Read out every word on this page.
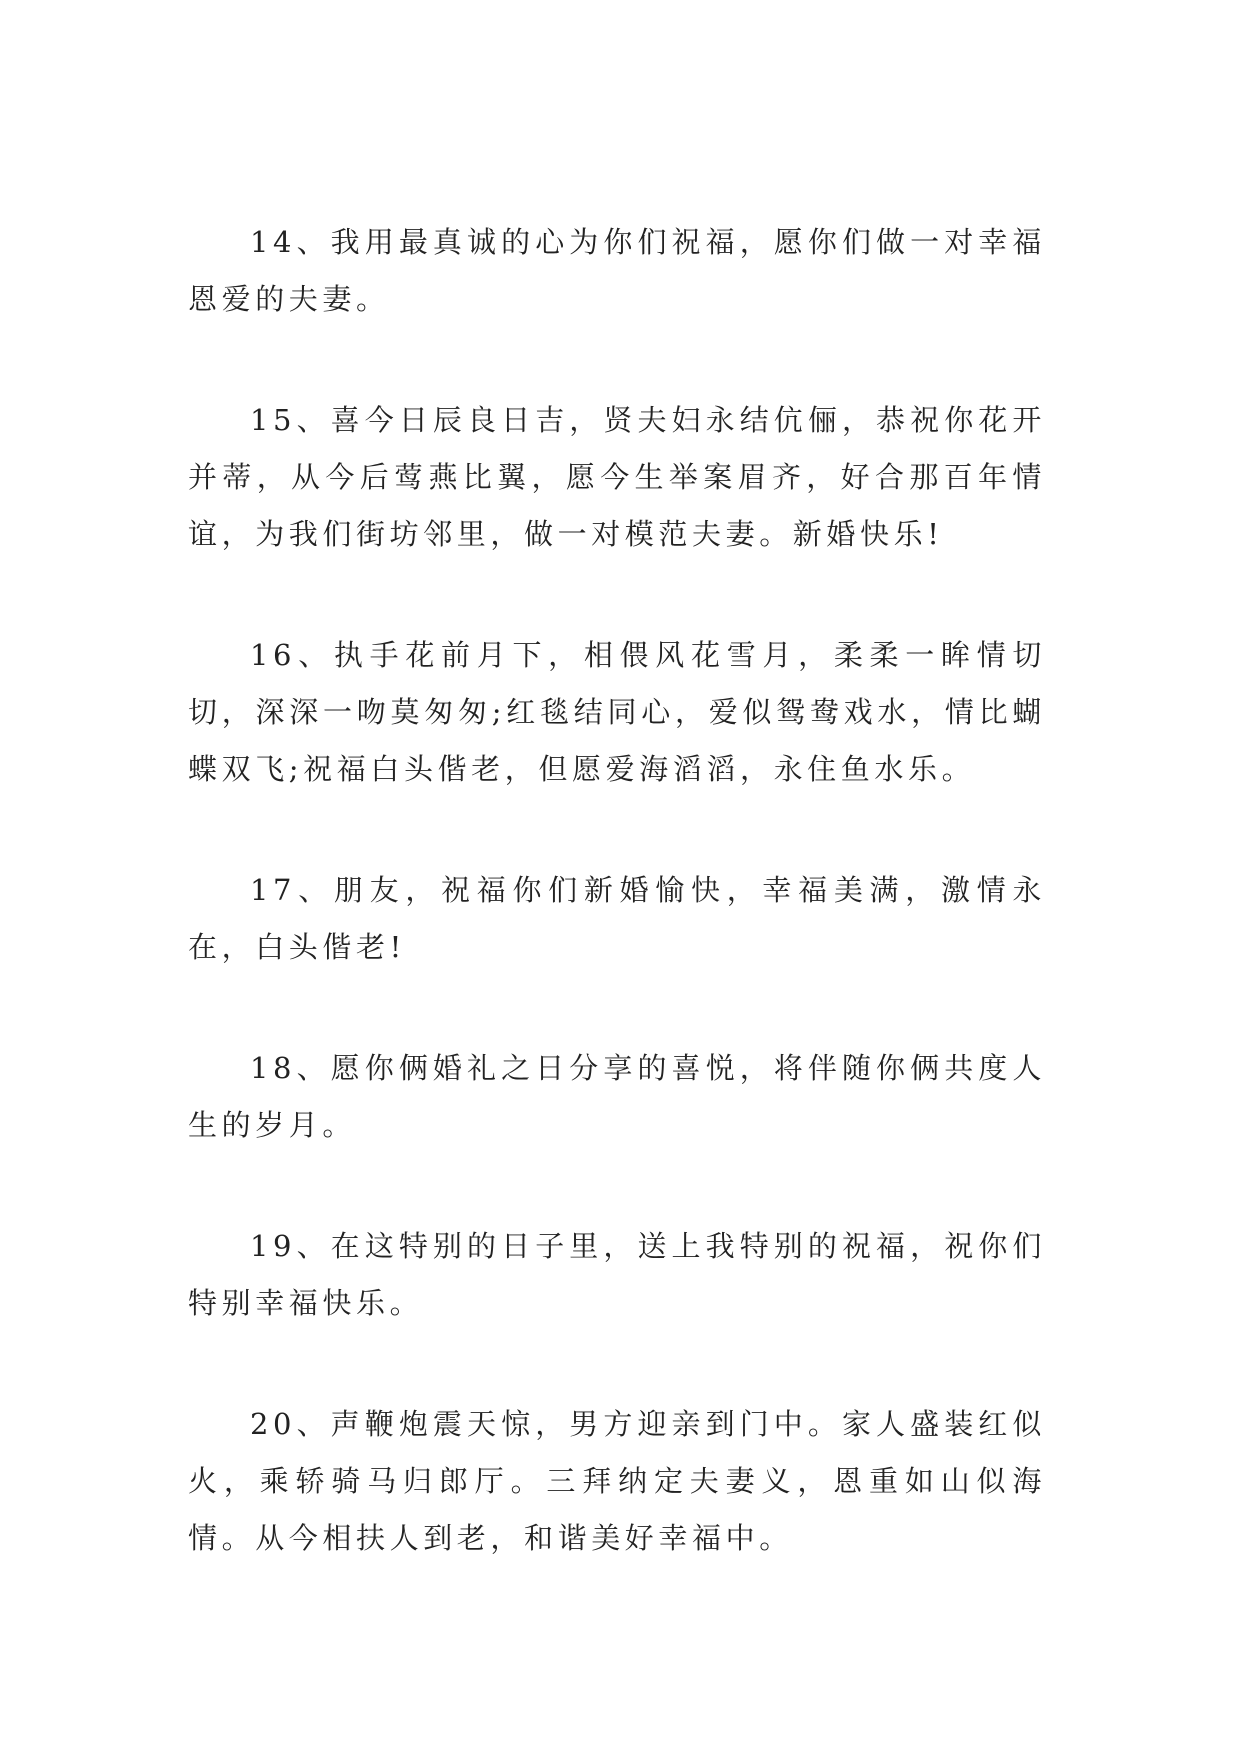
14、我用最真诚的心为你们祝福，愿你们做一对幸福恩爱的夫妻。

15、喜今日辰良日吉，贤夫妇永结伉俪，恭祝你花开并蒂，从今后莺燕比翼，愿今生举案眉齐，好合那百年情谊，为我们街坊邻里，做一对模范夫妻。新婚快乐!

16、执手花前月下，相偎风花雪月，柔柔一眸情切切，深深一吻莫匆匆;红毯结同心，爱似鸳鸯戏水，情比蝴蝶双飞;祝福白头偕老，但愿爱海滔滔，永住鱼水乐。

17、朋友，祝福你们新婚愉快，幸福美满，激情永在，白头偕老!

18、愿你俩婚礼之日分享的喜悦，将伴随你俩共度人生的岁月。

19、在这特别的日子里，送上我特别的祝福，祝你们特别幸福快乐。

20、声鞭炮震天惊，男方迎亲到门中。家人盛装红似火，乘轿骑马归郎厅。三拜纳定夫妻义，恩重如山似海情。从今相扶人到老，和谐美好幸福中。
